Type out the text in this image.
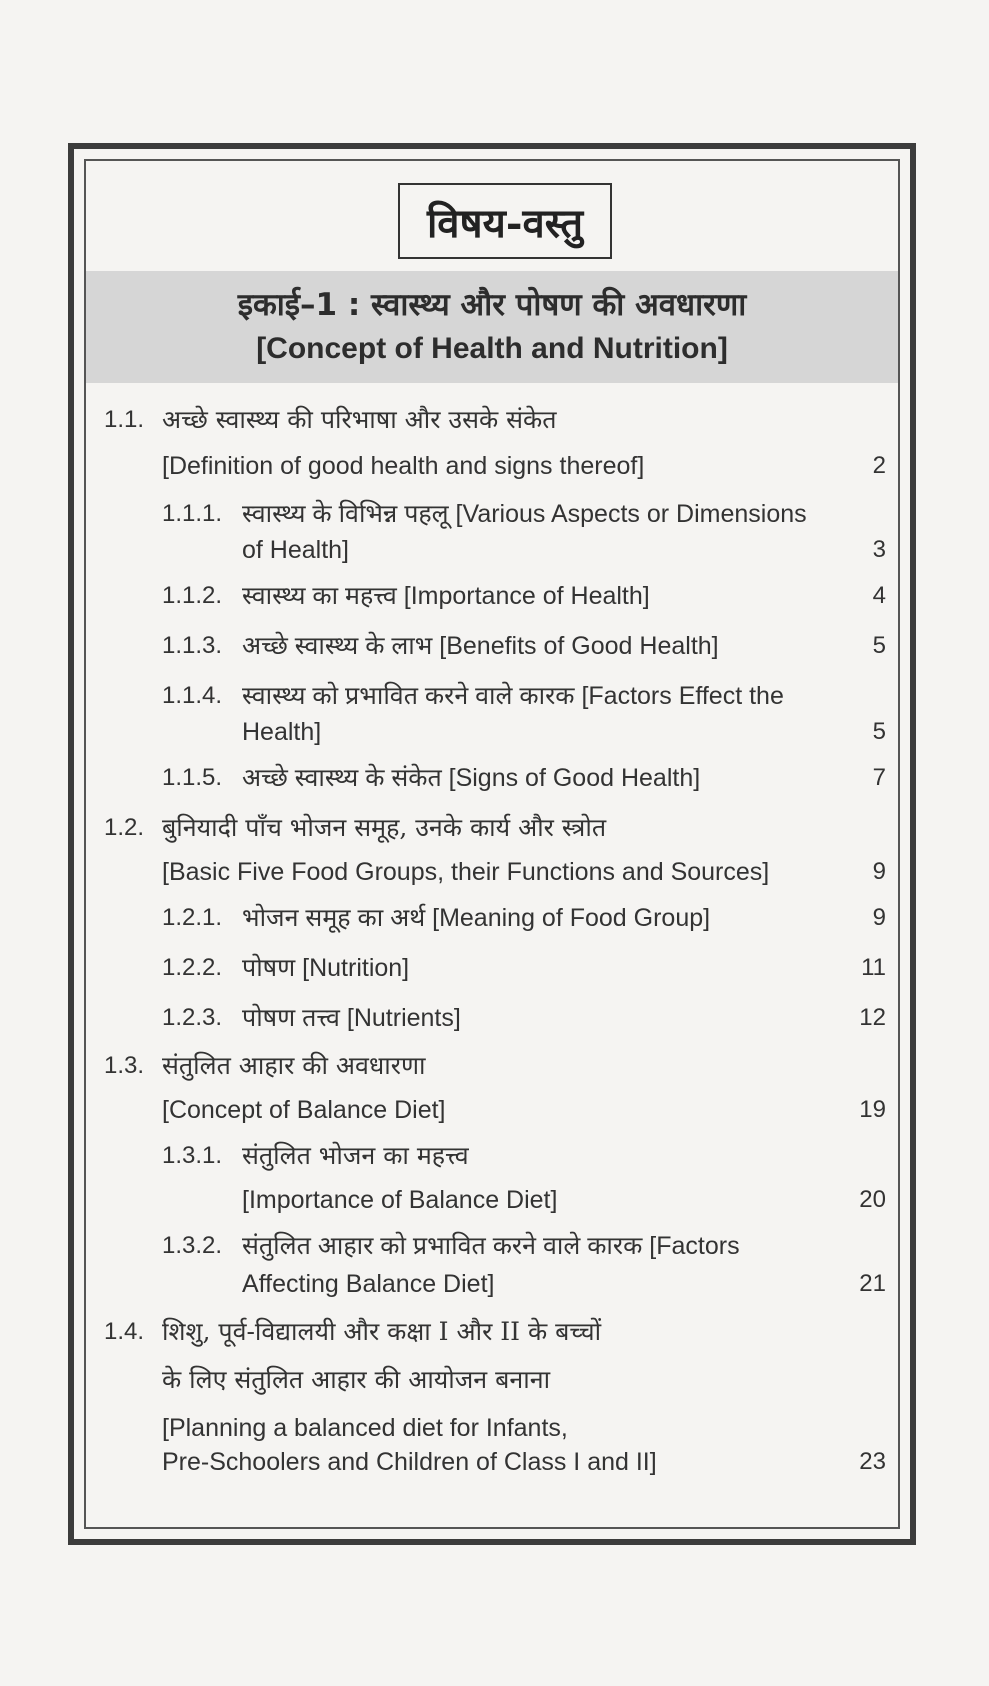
विषय-वस्तु
इकाई–1 : स्वास्थ्य और पोषण की अवधारणा
[Concept of Health and Nutrition]
1.1. अच्छे स्वास्थ्य की परिभाषा और उसके संकेत
[Definition of good health and signs thereof]	2
1.1.1. स्वास्थ्य के विभिन्न पहलू [Various Aspects or Dimensions
of Health]	3
1.1.2. स्वास्थ्य का महत्त्व [Importance of Health]	4
1.1.3. अच्छे स्वास्थ्य के लाभ [Benefits of Good Health]	5
1.1.4. स्वास्थ्य को प्रभावित करने वाले कारक [Factors Effect the
Health]	5
1.1.5. अच्छे स्वास्थ्य के संकेत [Signs of Good Health]	7
1.2. बुनियादी पाँच भोजन समूह, उनके कार्य और स्त्रोत
[Basic Five Food Groups, their Functions and Sources]	9
1.2.1. भोजन समूह का अर्थ [Meaning of Food Group]	9
1.2.2. पोषण [Nutrition]	11
1.2.3. पोषण तत्त्व [Nutrients]	12
1.3. संतुलित आहार की अवधारणा
[Concept of Balance Diet]	19
1.3.1. संतुलित भोजन का महत्त्व
[Importance of Balance Diet]	20
1.3.2. संतुलित आहार को प्रभावित करने वाले कारक [Factors
Affecting Balance Diet]	21
1.4. शिशु, पूर्व-विद्यालयी और कक्षा I और II के बच्चों
के लिए संतुलित आहार की आयोजन बनाना
[Planning a balanced diet for Infants,
Pre-Schoolers and Children of Class I and II]	23
